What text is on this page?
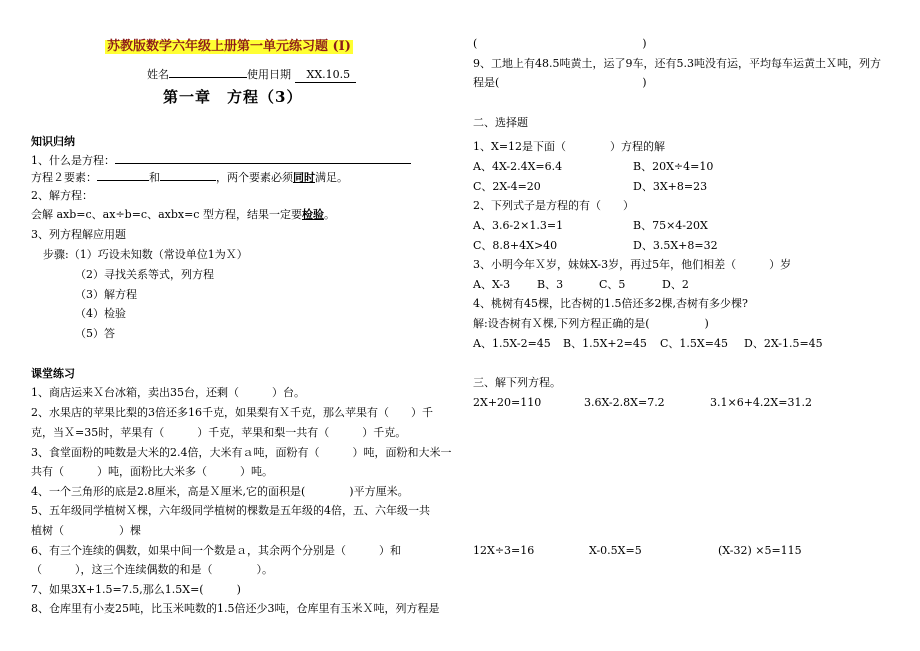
苏教版数学六年级上册第一单元练习题 (I)
姓名	使用日期 XX.10.5
第一章　方程（3）
知识归纳
1、什么是方程：
方程２要素：	和	，两个要素必须同时满足。
2、解方程：
会解 axb=c、ax÷b=c、axbx=c 型方程，结果一定要检验。
3、列方程解应用题
步骤:（1）巧设未知数（常设单位1为Ｘ）
（2）寻找关系等式，列方程
（3）解方程
（4）检验
（5）答
课堂练习
1、商店运来Ｘ台冰箱，卖出35台，还剩（　　　）台。
2、水果店的苹果比梨的3倍还多16千克，如果梨有Ｘ千克，那么苹果有（　　）千
克，当Ｘ=35时，苹果有（　　　）千克，苹果和梨一共有（　　　）千克。
3、食堂面粉的吨数是大米的2.4倍，大米有ａ吨，面粉有（　　　）吨，面粉和大米一
共有（　　　）吨，面粉比大米多（　　　）吨。
4、一个三角形的底是2.8厘米，高是Ｘ厘米,它的面积是(　　　　)平方厘米。
5、五年级同学植树Ｘ棵，六年级同学植树的棵数是五年级的4倍，五、六年级一共
植树（　　　　　）棵
6、有三个连续的偶数，如果中间一个数是ａ，其余两个分别是（　　　）和
（　　　），这三个连续偶数的和是（　　　　）。
7、如果3X+1.5=7.5,那么1.5X=(　　　)
8、仓库里有小麦25吨，比玉米吨数的1.5倍还少3吨，仓库里有玉米Ｘ吨，列方程是
(　　　　　　　　　　　　　　　)
9、工地上有48.5吨黄土，运了9车，还有5.3吨没有运，平均每车运黄土Ｘ吨，列方
程是(　　　　　　　　　　　　　)
二、选择题
1、X=12是下面（　　　　）方程的解
A、4X-2.4X=6.4	B、20X÷4=10
C、2X-4=20	D、3X+8=23
2、下列式子是方程的有（　　）
A、3.6-2×1.3=1	B、75×4-20X
C、8.8+4X>40	D、3.5X+8=32
3、小明今年Ｘ岁，妹妹X-3岁，再过5年，他们相差（　　　）岁
A、X-3 B、3	C、5	D、2
4、桃树有45棵，比杏树的1.5倍还多2棵,杏树有多少棵?
解:设杏树有Ｘ棵,下列方程正确的是(　　　　　)
A、1.5X-2=45 B、1.5X+2=45 C、1.5X=45 D、2X-1.5=45
三、解下列方程。
2X+20=110	3.6X-2.8X=7.2	3.1×6+4.2X=31.2
12X÷3=16	X-0.5X=5	(X-32) ×5=115
